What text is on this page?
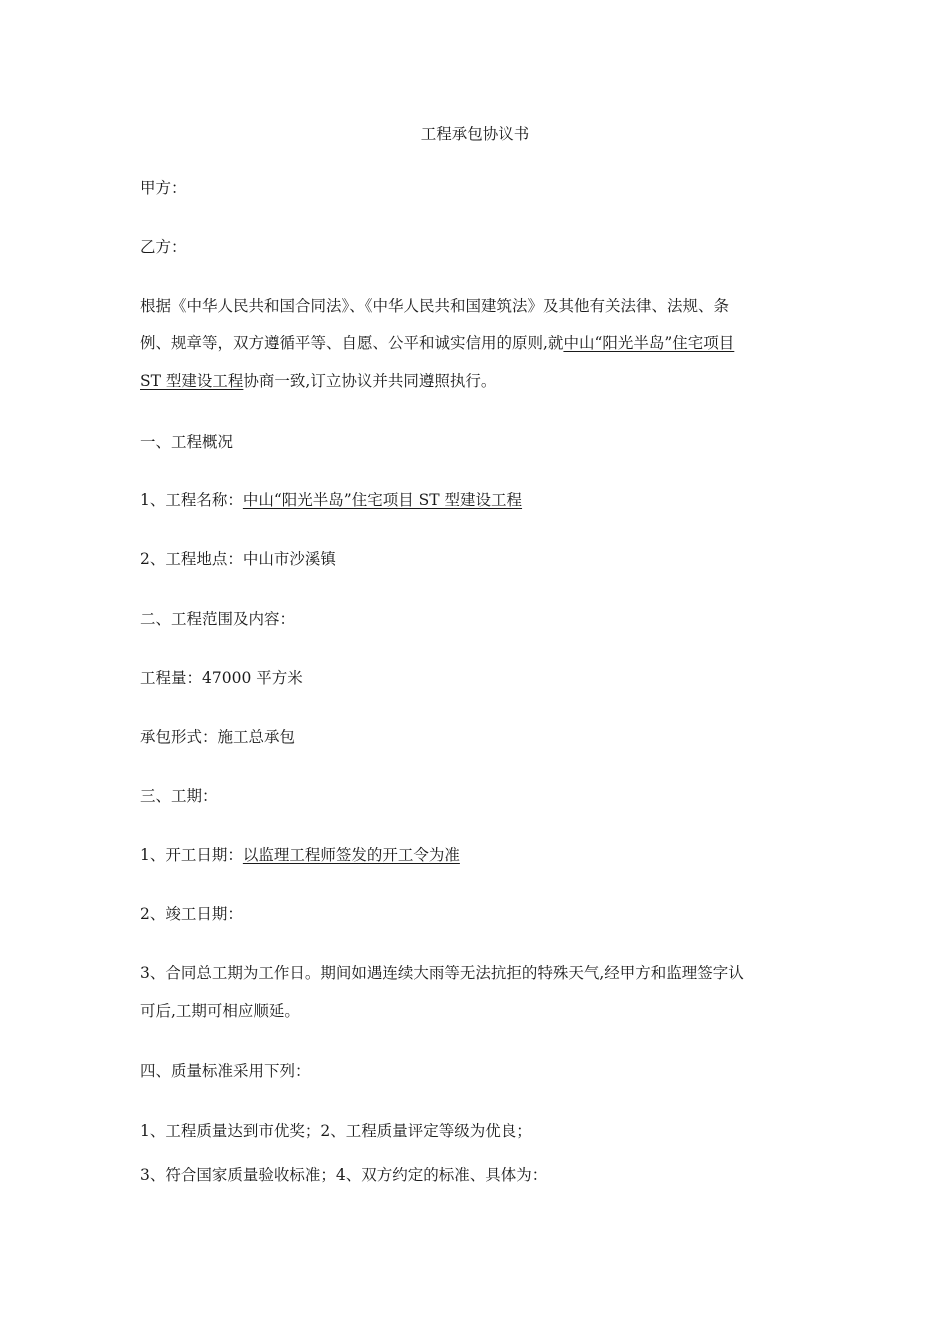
工程承包协议书
甲方：
乙方：
根据《中华人民共和国合同法》、《中华人民共和国建筑法》及其他有关法律、法规、条
例、规章等，双方遵循平等、自愿、公平和诚实信用的原则,就中山“阳光半岛”住宅项目
ST 型建设工程协商一致,订立协议并共同遵照执行。
一、工程概况
1、工程名称：中山“阳光半岛”住宅项目 ST 型建设工程
2、工程地点：中山市沙溪镇
二、工程范围及内容：
工程量：47000 平方米
承包形式：施工总承包
三、工期：
1、开工日期：以监理工程师签发的开工令为准
2、竣工日期：
3、合同总工期为工作日。期间如遇连续大雨等无法抗拒的特殊天气,经甲方和监理签字认
可后,工期可相应顺延。
四、质量标准采用下列：
1、工程质量达到市优奖；2、工程质量评定等级为优良；
3、符合国家质量验收标准；4、双方约定的标准、具体为：
